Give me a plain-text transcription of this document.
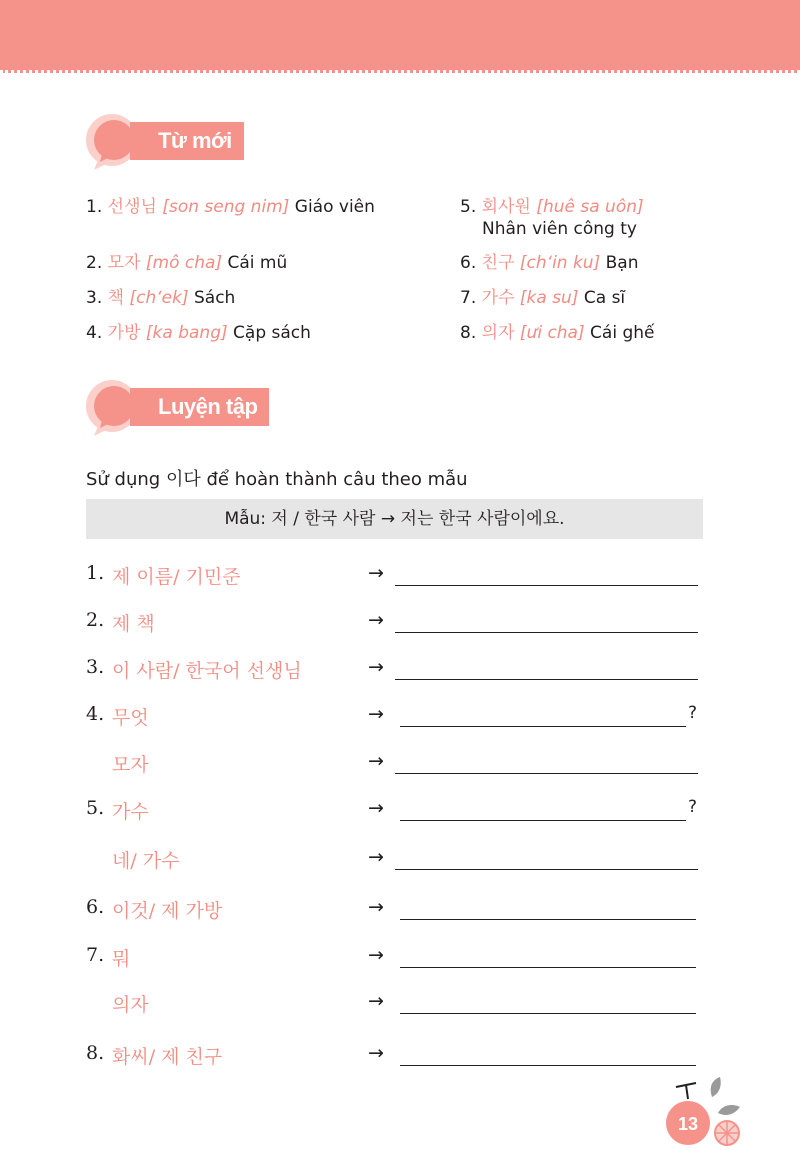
Từ mới
1. 선생님 [son seng nim] Giáo viên
2. 모자 [mô cha] Cái mũ
3. 책 [ch‘ek] Sách
4. 가방 [ka bang] Cặp sách
5. 회사원 [huê sa uôn]
Nhân viên công ty
6. 친구 [ch‘in ku] Bạn
7. 가수 [ka su] Ca sĩ
8. 의자 [ưi cha] Cái ghế
Luyện tập
Sử dụng 이다 để hoàn thành câu theo mẫu
Mẫu: 저 / 한국 사람 → 저는 한국 사람이에요.
1. 제 이름/ 기민준	→
2. 제 책	→
3. 이 사람/ 한국어 선생님	→
4. 무엇	→	?
모자	→
5. 가수	→	?
네/ 가수	→
6. 이것/ 제 가방	→
7. 뭐	→
의자	→
8. 화씨/ 제 친구	→
13
